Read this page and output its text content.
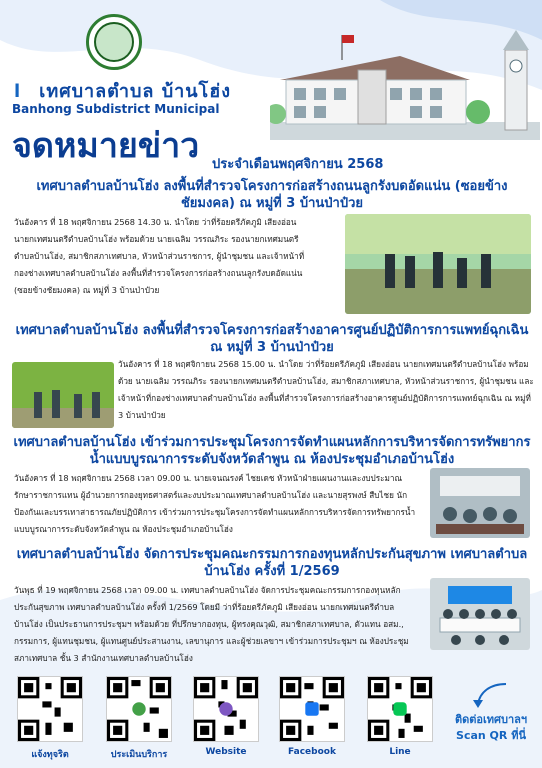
l เทศบาลตำบล บ้านโฮ่ง
Banhong Subdistrict Municipal
จดหมายข่าว ประจำเดือนพฤศจิกายน 2568
เทศบาลตำบลบ้านโฮ่ง ลงพื้นที่สำรวจโครงการก่อสร้างถนนลูกรังบดอัดแน่น (ซอยข้างชัยมงคล) ณ หมู่ที่ 3 บ้านป่าป๋วย
วันอังคาร ที่ 18 พฤศจิกายน 2568 14.30 น. นำโดย ว่าที่ร้อยตรีภัคภูมิ เสียงอ่อน นายกเทศมนตรีตำบลบ้านโฮ่ง พร้อมด้วย นายเฉลิม วรรณภิระ รองนายกเทศมนตรีตำบลบ้านโฮ่ง, สมาชิกสภาเทศบาล, หัวหน้าส่วนราชการ, ผู้นำชุมชน และเจ้าหน้าที่กองช่างเทศบาลตำบลบ้านโฮ่ง ลงพื้นที่สำรวจโครงการก่อสร้างถนนลูกรังบดอัดแน่น (ซอยข้างชัยมงคล) ณ หมู่ที่ 3 บ้านป่าป๋วย
เทศบาลตำบลบ้านโฮ่ง ลงพื้นที่สำรวจโครงการก่อสร้างอาคารศูนย์ปฏิบัติการการแพทย์ฉุกเฉิน ณ หมู่ที่ 3 บ้านป่าป๋วย
วันอังคาร ที่ 18 พฤศจิกายน 2568 15.00 น. นำโดย ว่าที่ร้อยตรีภัคภูมิ เสียงอ่อน นายกเทศมนตรีตำบลบ้านโฮ่ง พร้อมด้วย นายเฉลิม วรรณภิระ รองนายกเทศมนตรีตำบลบ้านโฮ่ง, สมาชิกสภาเทศบาล, หัวหน้าส่วนราชการ, ผู้นำชุมชน และเจ้าหน้าที่กองช่างเทศบาลตำบลบ้านโฮ่ง ลงพื้นที่สำรวจโครงการก่อสร้างอาคารศูนย์ปฏิบัติการการแพทย์ฉุกเฉิน ณ หมู่ที่ 3 บ้านป่าป๋วย
เทศบาลตำบลบ้านโฮ่ง เข้าร่วมการประชุมโครงการจัดทำแผนหลักการบริหารจัดการทรัพยากรน้ำแบบบูรณาการระดับจังหวัดลำพูน ณ ห้องประชุมอำเภอบ้านโฮ่ง
วันอังคาร ที่ 18 พฤศจิกายน 2568 เวลา 09.00 น. นายเจนณรงค์ ไชยเดช หัวหน้าฝ่ายแผนงานและงบประมาณ รักษาราชการแทน ผู้อำนวยการกองยุทธศาสตร์และงบประมาณเทศบาลตำบลบ้านโฮ่ง และนายสุรพงษ์ สืบไชย นักป้องกันและบรรเทาสาธารณภัยปฏิบัติการ เข้าร่วมการประชุมโครงการจัดทำแผนหลักการบริหารจัดการทรัพยากรน้ำแบบบูรณาการระดับจังหวัดลำพูน ณ ห้องประชุมอำเภอบ้านโฮ่ง
เทศบาลตำบลบ้านโฮ่ง จัดการประชุมคณะกรรมการกองทุนหลักประกันสุขภาพ เทศบาลตำบลบ้านโฮ่ง ครั้งที่ 1/2569
วันพุธ ที่ 19 พฤศจิกายน 2568 เวลา 09.00 น. เทศบาลตำบลบ้านโฮ่ง จัดการประชุมคณะกรรมการกองทุนหลักประกันสุขภาพ เทศบาลตำบลบ้านโฮ่ง ครั้งที่ 1/2569 โดยมี ว่าที่ร้อยตรีภัคภูมิ เสียงอ่อน นายกเทศมนตรีตำบลบ้านโฮ่ง เป็นประธานการประชุมฯ พร้อมด้วย ที่ปรึกษากองทุน, ผู้ทรงคุณวุฒิ, สมาชิกสภาเทศบาล, ตัวแทน อสม., กรรมการ, ผู้แทนชุมชน, ผู้แทนศูนย์ประสานงาน, เลขานุการ และผู้ช่วยเลขาฯ เข้าร่วมการประชุมฯ ณ ห้องประชุมสภาเทศบาล ชั้น 3 สำนักงานเทศบาลตำบลบ้านโฮ่ง
แจ้งทุจริต	ประเมินบริการ	Website	Facebook	Line
ติดต่อเทศบาลฯ
Scan QR ที่นี่
